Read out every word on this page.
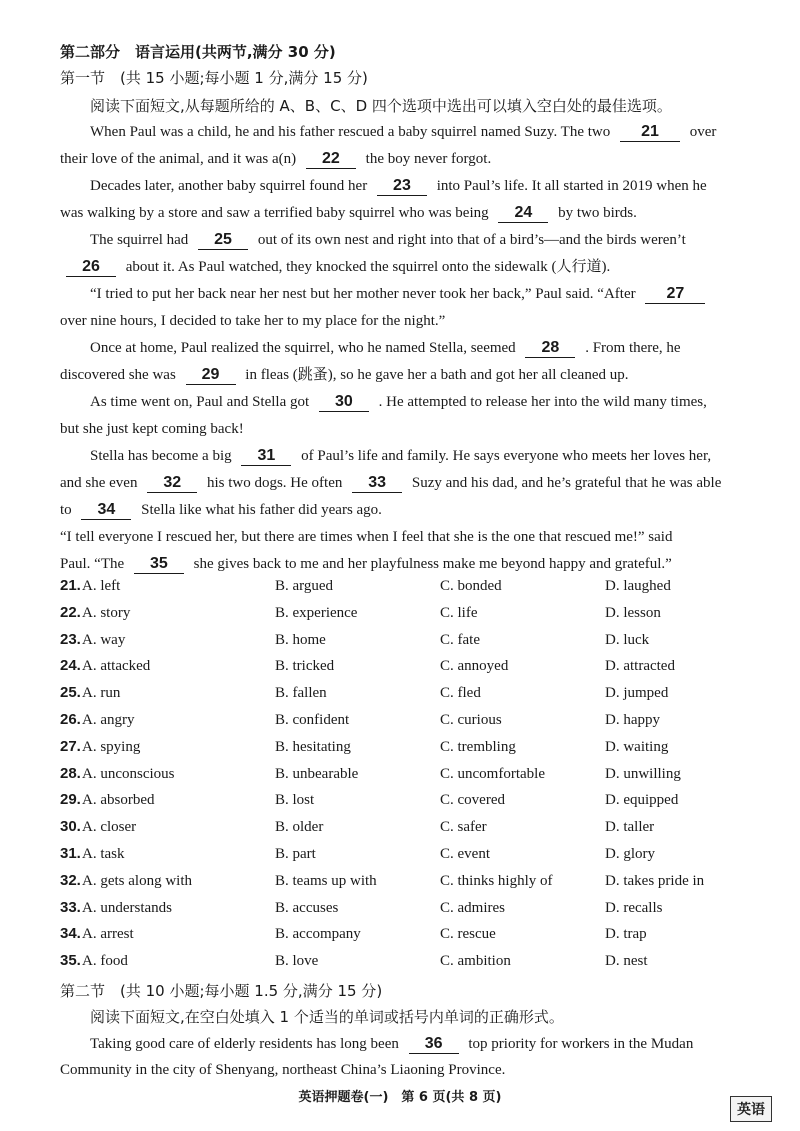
第二部分　语言运用(共两节,满分 30 分)
第一节　(共 15 小题;每小题 1 分,满分 15 分)
阅读下面短文,从每题所给的 A、B、C、D 四个选项中选出可以填入空白处的最佳选项。
When Paul was a child, he and his father rescued a baby squirrel named Suzy. The two 21 over
their love of the animal, and it was a(n) 22 the boy never forgot.
Decades later, another baby squirrel found her 23 into Paul’s life. It all started in 2019 when he
was walking by a store and saw a terrified baby squirrel who was being 24 by two birds.
The squirrel had 25 out of its own nest and right into that of a bird’s—and the birds weren’t
26 about it. As Paul watched, they knocked the squirrel onto the sidewalk (人行道).
“I tried to put her back near her nest but her mother never took her back,” Paul said. “After 27
over nine hours, I decided to take her to my place for the night.”
Once at home, Paul realized the squirrel, who he named Stella, seemed 28 . From there, he
discovered she was 29 in fleas (跳蚤), so he gave her a bath and got her all cleaned up.
As time went on, Paul and Stella got 30 . He attempted to release her into the wild many times,
but she just kept coming back!
Stella has become a big 31 of Paul’s life and family. He says everyone who meets her loves her,
and she even 32 his two dogs. He often 33 Suzy and his dad, and he’s grateful that he was able
to 34 Stella like what his father did years ago.
“I tell everyone I rescued her, but there are times when I feel that she is the one that rescued me!” said
Paul. “The 35 she gives back to me and her playfulness make me beyond happy and grateful.”
21. A. left	B. argued	C. bonded	D. laughed
22. A. story	B. experience	C. life	D. lesson
23. A. way	B. home	C. fate	D. luck
24. A. attacked	B. tricked	C. annoyed	D. attracted
25. A. run	B. fallen	C. fled	D. jumped
26. A. angry	B. confident	C. curious	D. happy
27. A. spying	B. hesitating	C. trembling	D. waiting
28. A. unconscious	B. unbearable	C. uncomfortable	D. unwilling
29. A. absorbed	B. lost	C. covered	D. equipped
30. A. closer	B. older	C. safer	D. taller
31. A. task	B. part	C. event	D. glory
32. A. gets along with	B. teams up with	C. thinks highly of	D. takes pride in
33. A. understands	B. accuses	C. admires	D. recalls
34. A. arrest	B. accompany	C. rescue	D. trap
35. A. food	B. love	C. ambition	D. nest
第二节　(共 10 小题;每小题 1.5 分,满分 15 分)
阅读下面短文,在空白处填入 1 个适当的单词或括号内单词的正确形式。
Taking good care of elderly residents has long been 36 top priority for workers in the Mudan
Community in the city of Shenyang, northeast China’s Liaoning Province.
英语押题卷(一)　第 6 页(共 8 页)
英语
